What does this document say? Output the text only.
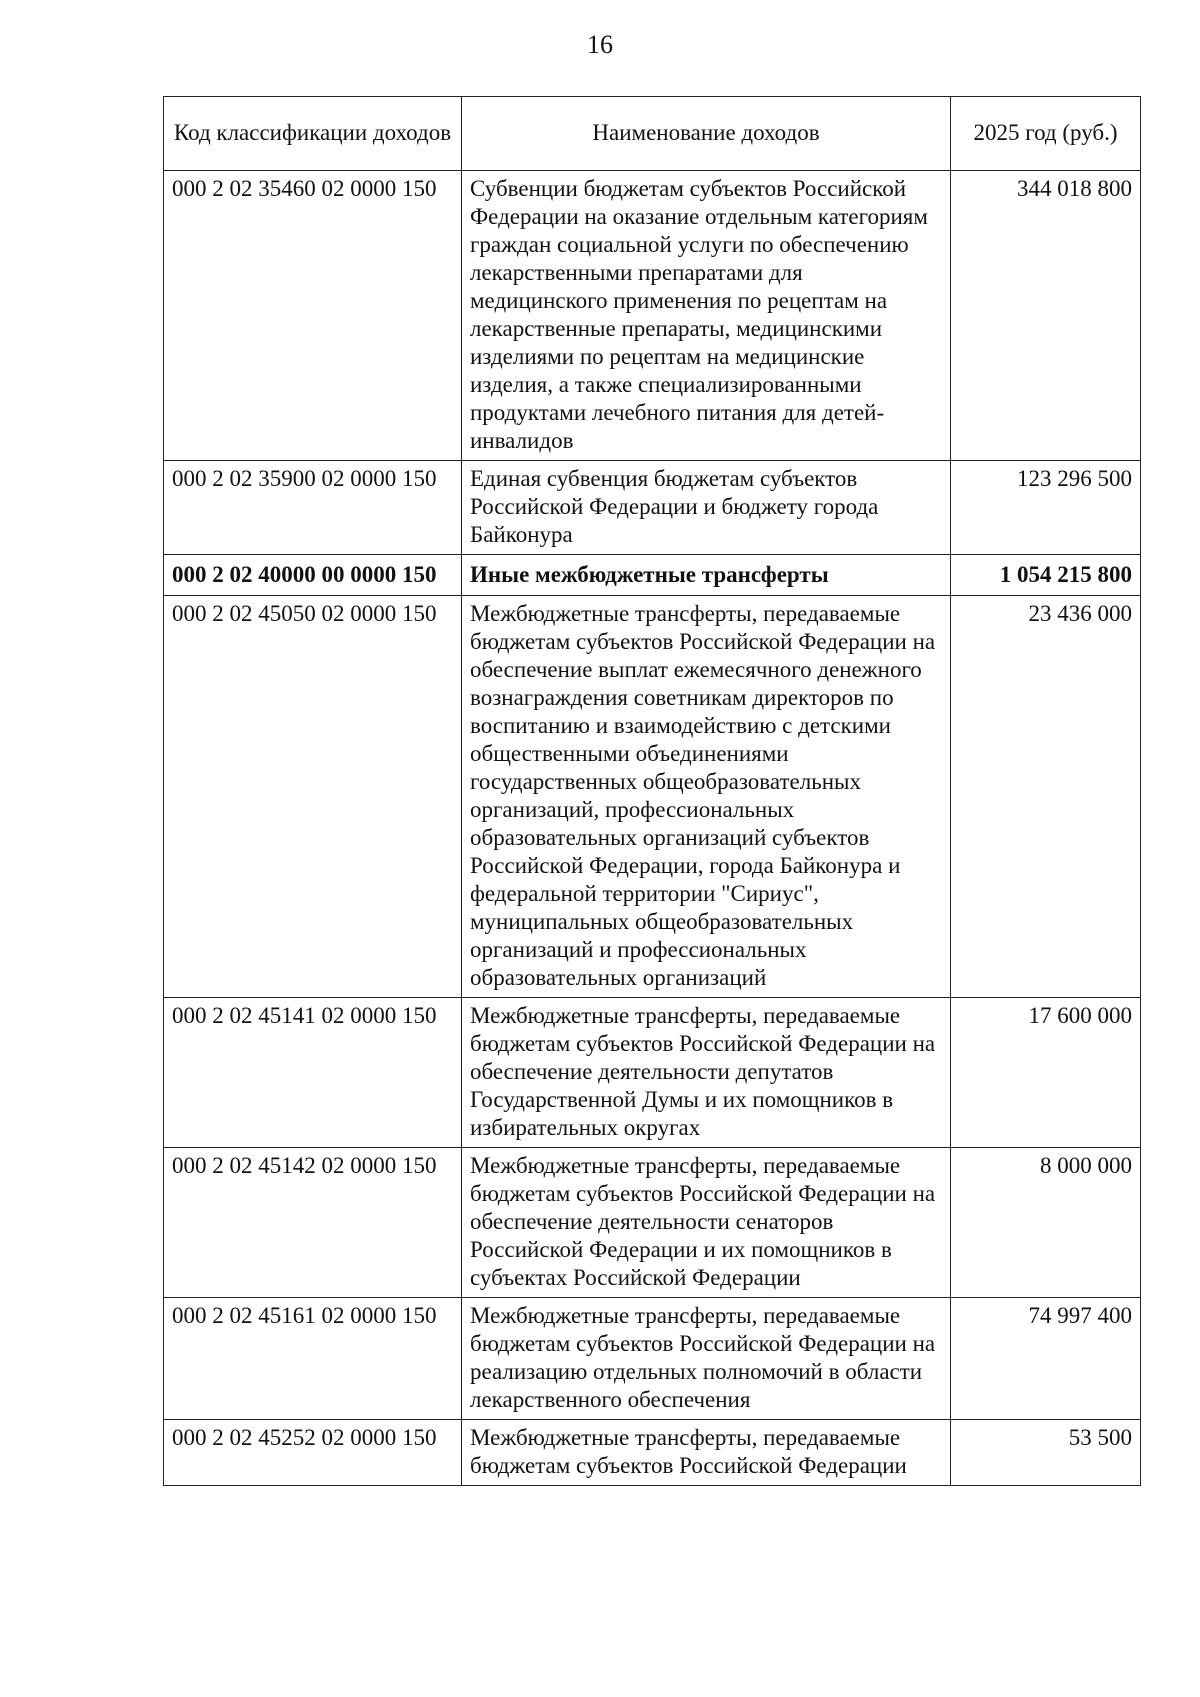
16
Код классификации доходов	Наименование доходов	2025 год (руб.)
000 2 02 35460 02 0000 150	Субвенции бюджетам субъектов Российской Федерации на оказание отдельным категориям граждан социальной услуги по обеспечению лекарственными препаратами для медицинского применения по рецептам на лекарственные препараты, медицинскими изделиями по рецептам на медицинские изделия, а также специализированными продуктами лечебного питания для детей-инвалидов	344 018 800
000 2 02 35900 02 0000 150	Единая субвенция бюджетам субъектов Российской Федерации и бюджету города Байконура	123 296 500
000 2 02 40000 00 0000 150	Иные межбюджетные трансферты	1 054 215 800
000 2 02 45050 02 0000 150	Межбюджетные трансферты, передаваемые бюджетам субъектов Российской Федерации на обеспечение выплат ежемесячного денежного вознаграждения советникам директоров по воспитанию и взаимодействию с детскими общественными объединениями государственных общеобразовательных организаций, профессиональных образовательных организаций субъектов Российской Федерации, города Байконура и федеральной территории "Сириус", муниципальных общеобразовательных организаций и профессиональных образовательных организаций	23 436 000
000 2 02 45141 02 0000 150	Межбюджетные трансферты, передаваемые бюджетам субъектов Российской Федерации на обеспечение деятельности депутатов Государственной Думы и их помощников в избирательных округах	17 600 000
000 2 02 45142 02 0000 150	Межбюджетные трансферты, передаваемые бюджетам субъектов Российской Федерации на обеспечение деятельности сенаторов Российской Федерации и их помощников в субъектах Российской Федерации	8 000 000
000 2 02 45161 02 0000 150	Межбюджетные трансферты, передаваемые бюджетам субъектов Российской Федерации на реализацию отдельных полномочий в области лекарственного обеспечения	74 997 400
000 2 02 45252 02 0000 150	Межбюджетные трансферты, передаваемые бюджетам субъектов Российской Федерации	53 500
